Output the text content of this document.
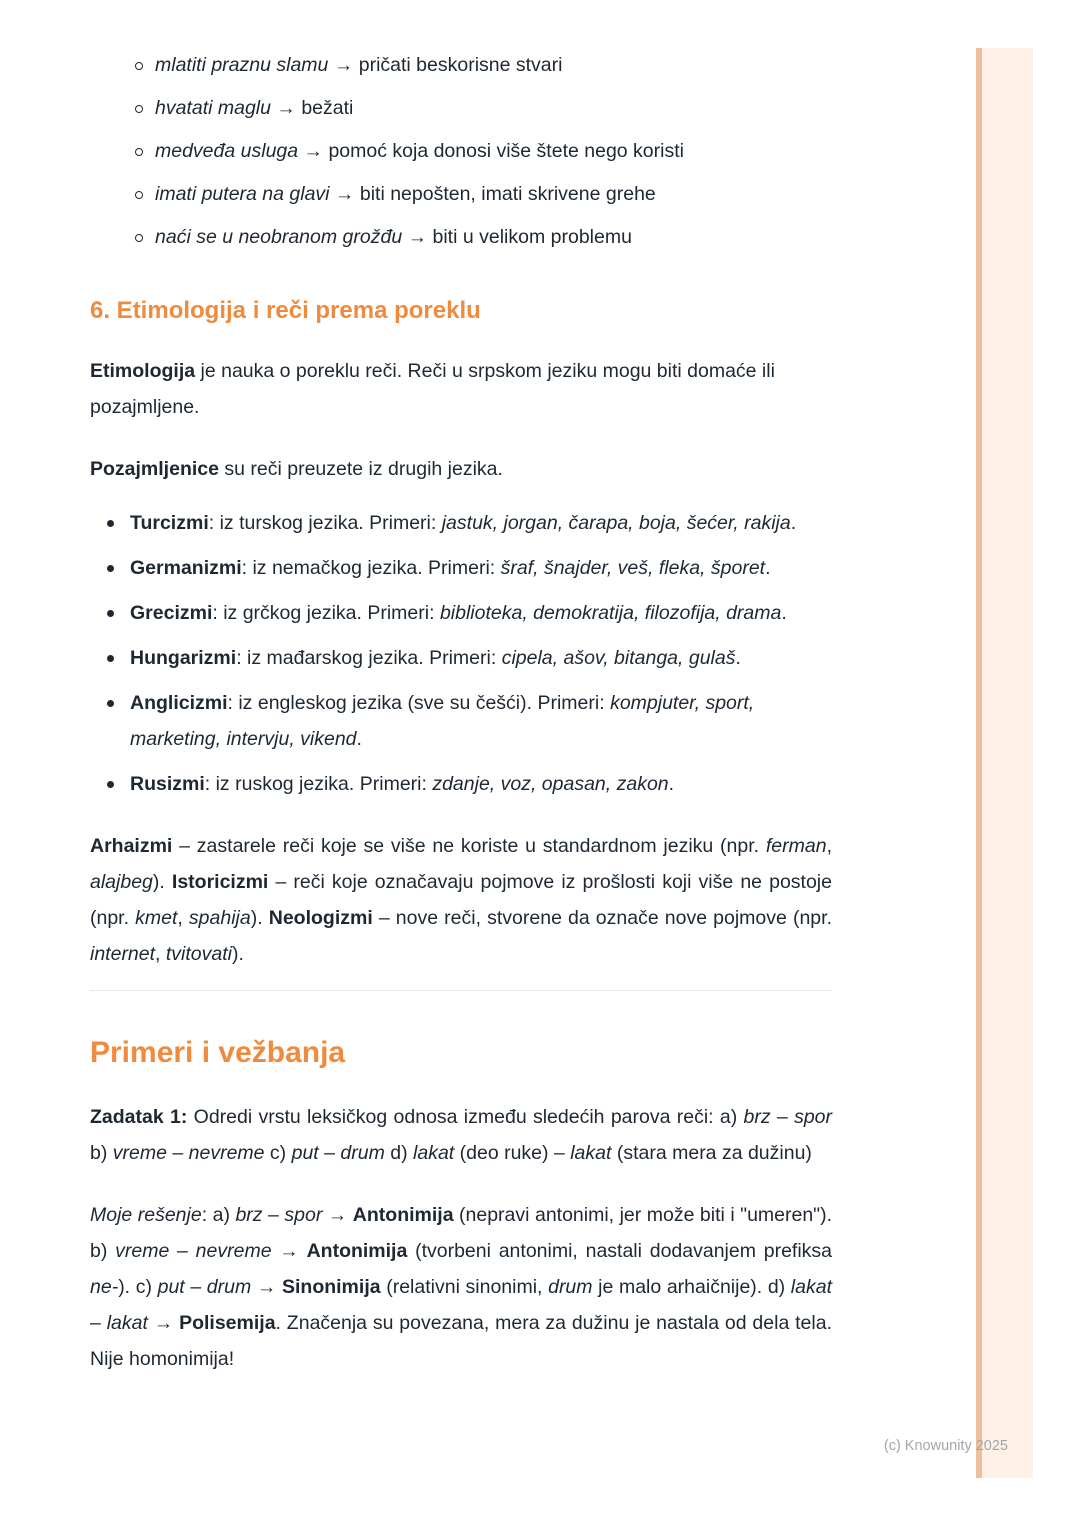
mlatiti praznu slamu → pričati beskorisne stvari
hvatati maglu → bežati
medveđa usluga → pomoć koja donosi više štete nego koristi
imati putera na glavi → biti nepošten, imati skrivene grehe
naći se u neobranom grožđu → biti u velikom problemu
6. Etimologija i reči prema poreklu

Etimologija je nauka o poreklu reči. Reči u srpskom jeziku mogu biti domaće ili pozajmljene.

Pozajmljenice su reči preuzete iz drugih jezika.

Turcizmi: iz turskog jezika. Primeri: jastuk, jorgan, čarapa, boja, šećer, rakija.
Germanizmi: iz nemačkog jezika. Primeri: šraf, šnajder, veš, fleka, šporet.
Grecizmi: iz grčkog jezika. Primeri: biblioteka, demokratija, filozofija, drama.
Hungarizmi: iz mađarskog jezika. Primeri: cipela, ašov, bitanga, gulaš.
Anglicizmi: iz engleskog jezika (sve su češći). Primeri: kompjuter, sport, marketing, intervju, vikend.
Rusizmi: iz ruskog jezika. Primeri: zdanje, voz, opasan, zakon.

Arhaizmi – zastarele reči koje se više ne koriste u standardnom jeziku (npr. ferman, alajbeg). Istoricizmi – reči koje označavaju pojmove iz prošlosti koji više ne postoje (npr. kmet, spahija). Neologizmi – nove reči, stvorene da označe nove pojmove (npr. internet, tvitovati).

Primeri i vežbanja

Zadatak 1: Odredi vrstu leksičkog odnosa između sledećih parova reči: a) brz – spor b) vreme – nevreme c) put – drum d) lakat (deo ruke) – lakat (stara mera za dužinu)

Moje rešenje: a) brz – spor → Antonimija (nepravi antonimi, jer može biti i "umeren"). b) vreme – nevreme → Antonimija (tvorbeni antonimi, nastali dodavanjem prefiksa ne-). c) put – drum → Sinonimija (relativni sinonimi, drum je malo arhaičnije). d) lakat – lakat → Polisemija. Značenja su povezana, mera za dužinu je nastala od dela tela. Nije homonimija!

(c) Knowunity 2025
